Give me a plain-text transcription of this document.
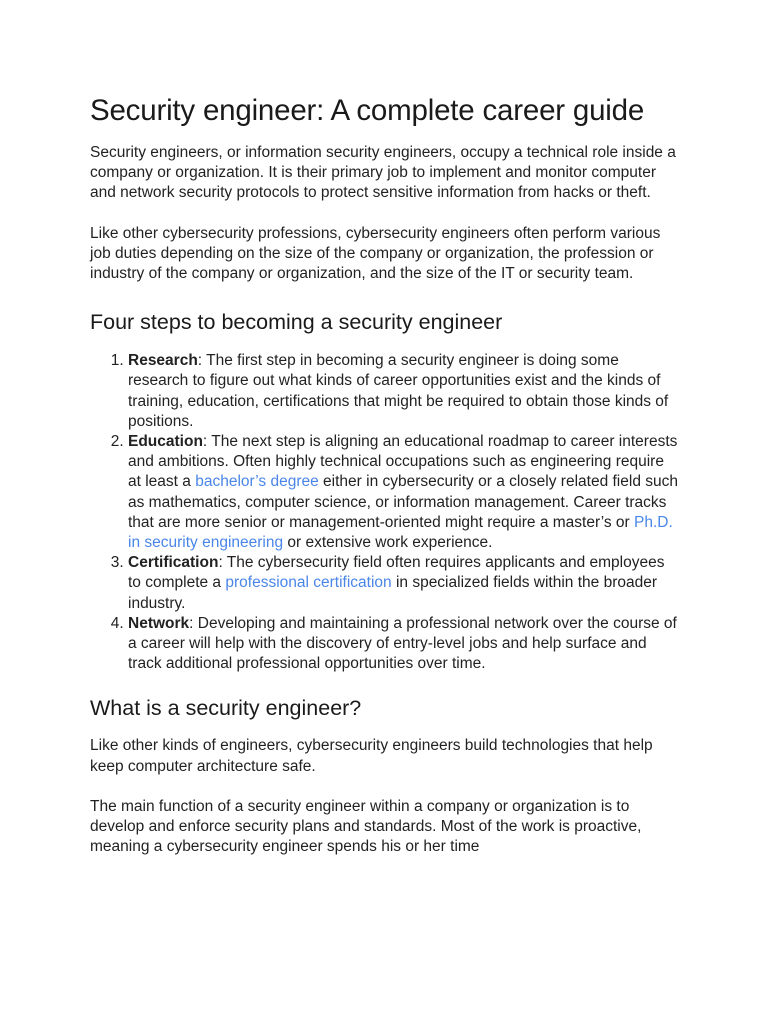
Security engineer: A complete career guide

Security engineers, or information security engineers, occupy a technical role inside a company or organization. It is their primary job to implement and monitor computer and network security protocols to protect sensitive information from hacks or theft.

Like other cybersecurity professions, cybersecurity engineers often perform various job duties depending on the size of the company or organization, the profession or industry of the company or organization, and the size of the IT or security team.

Four steps to becoming a security engineer
1. Research: The first step in becoming a security engineer is doing some research to figure out what kinds of career opportunities exist and the kinds of training, education, certifications that might be required to obtain those kinds of positions.
2. Education: The next step is aligning an educational roadmap to career interests and ambitions. Often highly technical occupations such as engineering require at least a bachelor’s degree either in cybersecurity or a closely related field such as mathematics, computer science, or information management. Career tracks that are more senior or management-oriented might require a master’s or Ph.D. in security engineering or extensive work experience.
3. Certification: The cybersecurity field often requires applicants and employees to complete a professional certification in specialized fields within the broader industry.
4. Network: Developing and maintaining a professional network over the course of a career will help with the discovery of entry-level jobs and help surface and track additional professional opportunities over time.
What is a security engineer?

Like other kinds of engineers, cybersecurity engineers build technologies that help keep computer architecture safe.

The main function of a security engineer within a company or organization is to develop and enforce security plans and standards. Most of the work is proactive, meaning a cybersecurity engineer spends his or her time
